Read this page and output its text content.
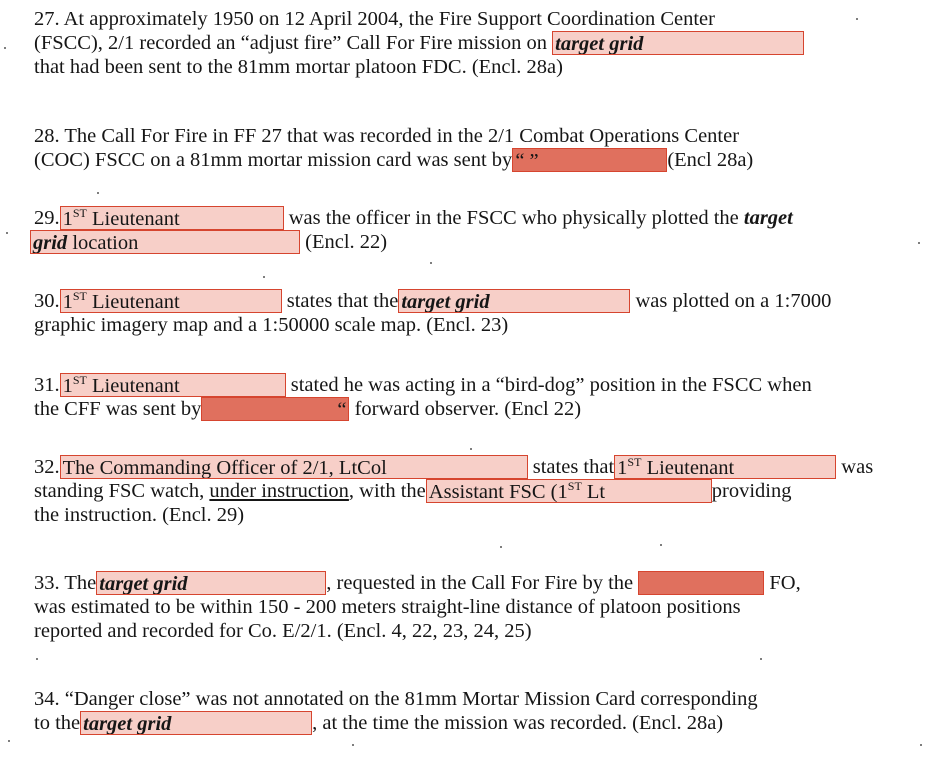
27. At approximately 1950 on 12 April 2004, the Fire Support Coordination Center
(FSCC), 2/1 recorded an “adjust fire” Call For Fire mission on target grid
that had been sent to the 81mm mortar platoon FDC. (Encl. 28a)
28. The Call For Fire in FF 27 that was recorded in the 2/1 Combat Operations Center
(COC) FSCC on a 81mm mortar mission card was sent by “ ”	(Encl 28a)
29. 1ST Lieutenant	was the officer in the FSCC who physically plotted the target
grid location	(Encl. 22)
30. 1ST Lieutenant	states that the target grid	was plotted on a 1:7000
graphic imagery map and a 1:50000 scale map. (Encl. 23)
31. 1ST Lieutenant	stated he was acting in a “bird-dog” position in the FSCC when
the CFF was sent by	“ forward observer. (Encl 22)
32. The Commanding Officer of 2/1, LtCol	states that 1ST Lieutenant	was
standing FSC watch, under instruction, with the Assistant FSC (1ST Lt	providing
the instruction. (Encl. 29)
33. The target grid	, requested in the Call For Fire by the	FO,
was estimated to be within 150 - 200 meters straight-line distance of platoon positions
reported and recorded for Co. E/2/1. (Encl. 4, 22, 23, 24, 25)
34. “Danger close” was not annotated on the 81mm Mortar Mission Card corresponding
to the target grid	, at the time the mission was recorded. (Encl. 28a)
